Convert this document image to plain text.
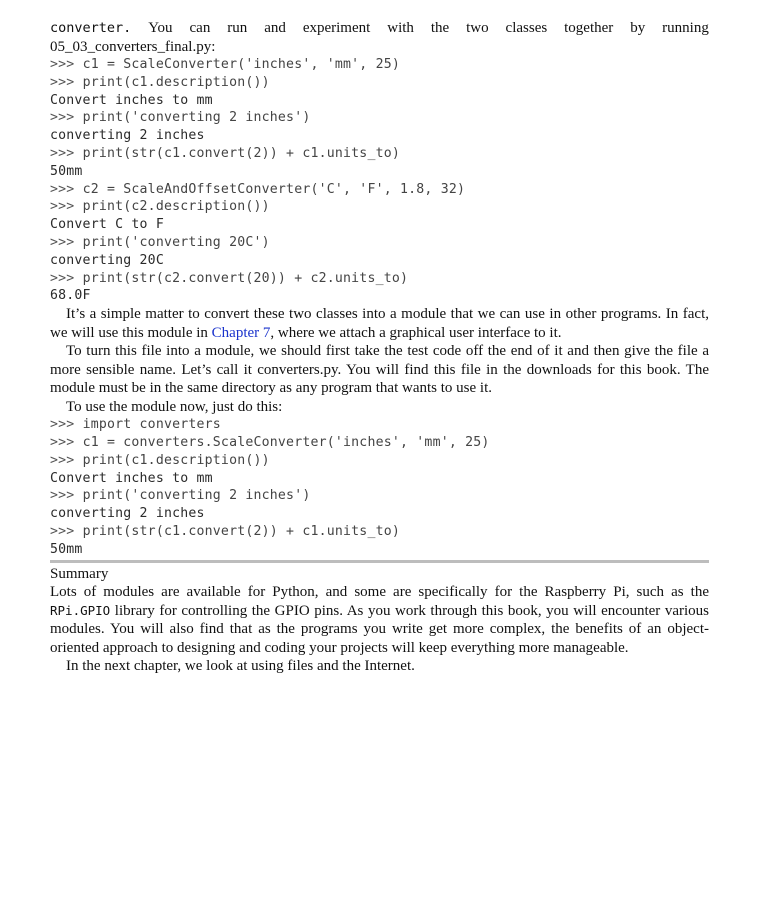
converter. You can run and experiment with the two classes together by running

05_03_converters_final.py:

>>> c1 = ScaleConverter('inches', 'mm', 25)
>>> print(c1.description())
Convert inches to mm
>>> print('converting 2 inches')
converting 2 inches
>>> print(str(c1.convert(2)) + c1.units_to)
50mm
>>> c2 = ScaleAndOffsetConverter('C', 'F', 1.8, 32)
>>> print(c2.description())
Convert C to F
>>> print('converting 20C')
converting 20C
>>> print(str(c2.convert(20)) + c2.units_to)
68.0F

It’s a simple matter to convert these two classes into a module that we can use in other programs. In fact, we will use this module in Chapter 7, where we attach a graphical user interface to it.

To turn this file into a module, we should first take the test code off the end of it and then give the file a more sensible name. Let’s call it converters.py. You will find this file in the downloads for this book. The module must be in the same directory as any program that wants to use it.

To use the module now, just do this:

>>> import converters
>>> c1 = converters.ScaleConverter('inches', 'mm', 25)
>>> print(c1.description())
Convert inches to mm
>>> print('converting 2 inches')
converting 2 inches
>>> print(str(c1.convert(2)) + c1.units_to)
50mm

Summary

Lots of modules are available for Python, and some are specifically for the Raspberry Pi, such as the RPi.GPIO library for controlling the GPIO pins. As you work through this book, you will encounter various modules. You will also find that as the programs you write get more complex, the benefits of an object-oriented approach to designing and coding your projects will keep everything more manageable.

In the next chapter, we look at using files and the Internet.
